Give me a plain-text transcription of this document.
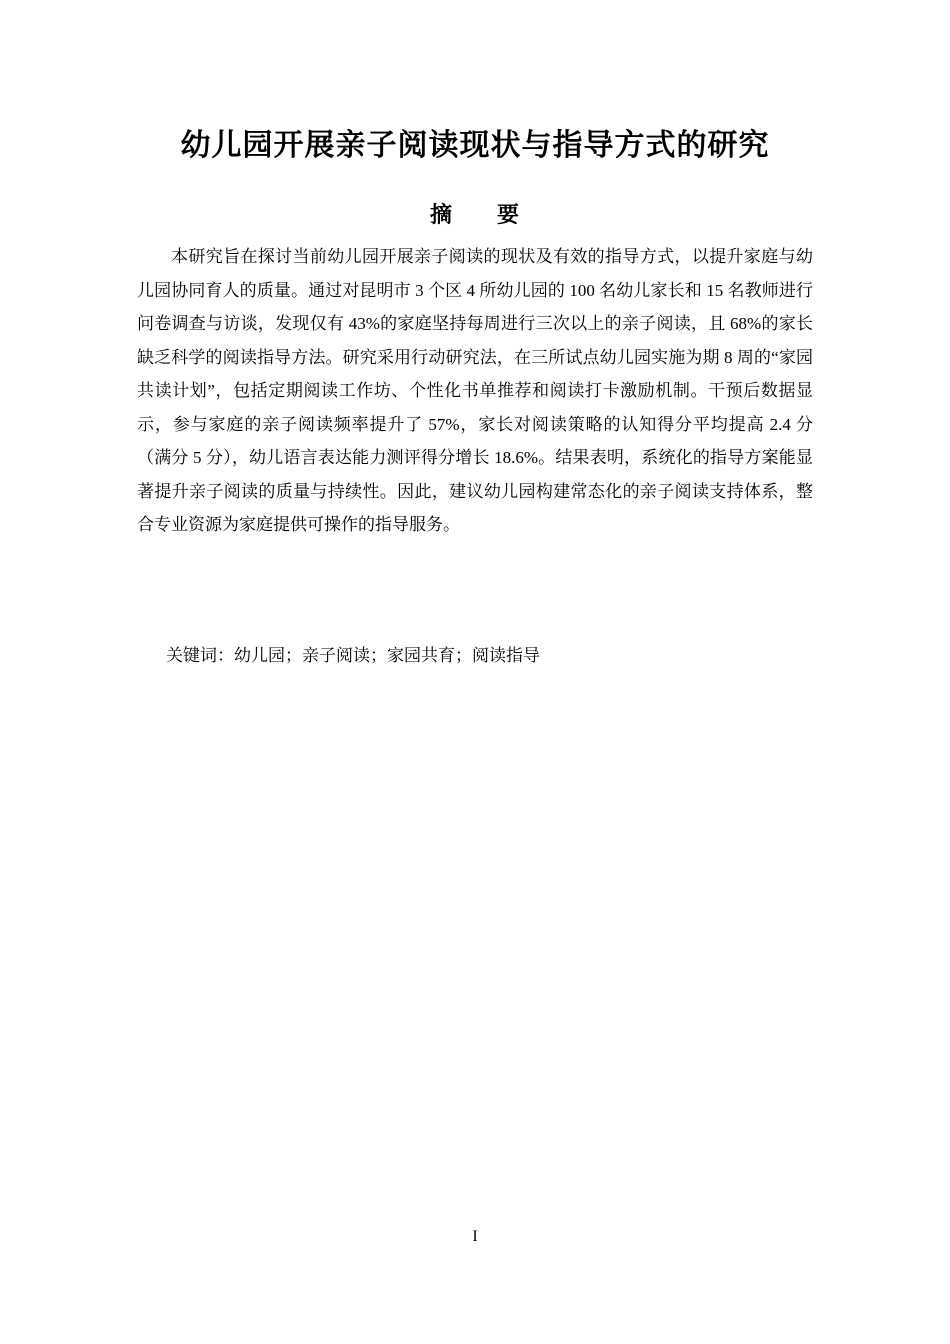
幼儿园开展亲子阅读现状与指导方式的研究
摘 要

本研究旨在探讨当前幼儿园开展亲子阅读的现状及有效的指导方式，以提升家庭与幼儿园协同育人的质量。通过对昆明市 3 个区 4 所幼儿园的 100 名幼儿家长和 15 名教师进行问卷调查与访谈，发现仅有 43%的家庭坚持每周进行三次以上的亲子阅读，且 68%的家长缺乏科学的阅读指导方法。研究采用行动研究法，在三所试点幼儿园实施为期 8 周的“家园共读计划”，包括定期阅读工作坊、个性化书单推荐和阅读打卡激励机制。干预后数据显示，参与家庭的亲子阅读频率提升了 57%，家长对阅读策略的认知得分平均提高 2.4 分（满分 5 分），幼儿语言表达能力测评得分增长 18.6%。结果表明，系统化的指导方案能显著提升亲子阅读的质量与持续性。因此，建议幼儿园构建常态化的亲子阅读支持体系，整合专业资源为家庭提供可操作的指导服务。

关键词：幼儿园；亲子阅读；家园共育；阅读指导
I
